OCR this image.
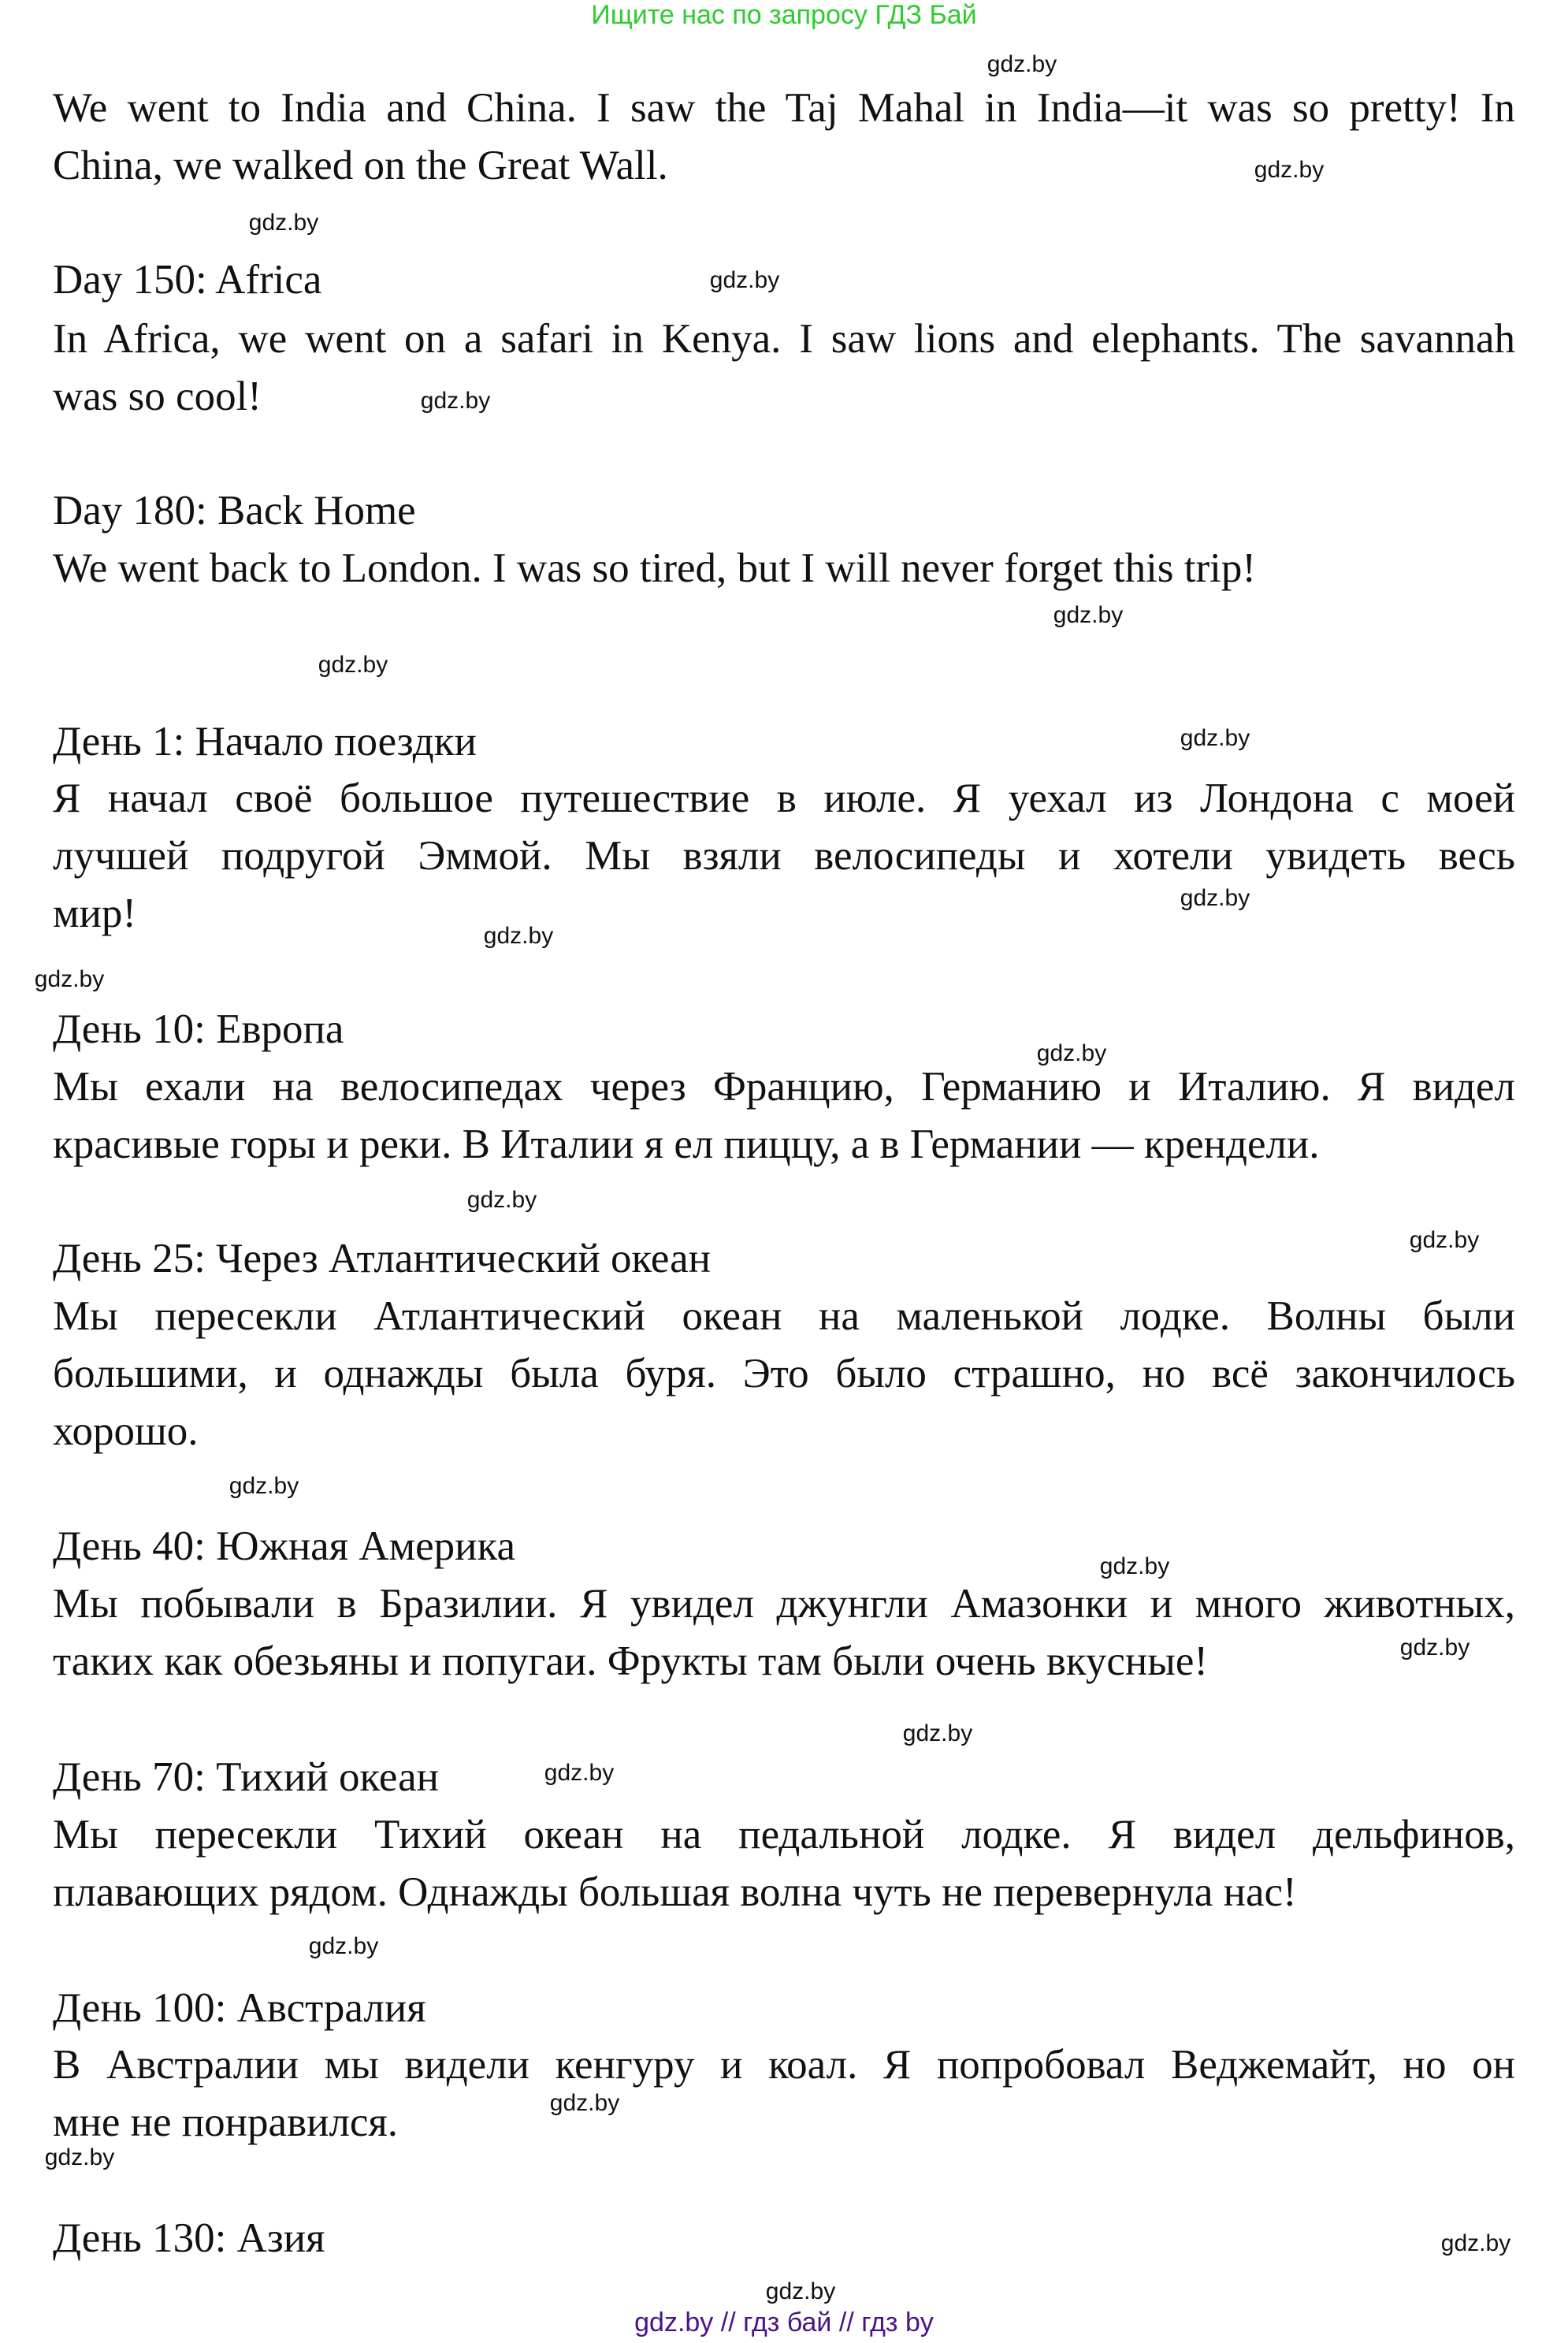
Ищите нас по запросу ГДЗ Бай
We went to India and China. I saw the Taj Mahal in India—it was so pretty! In
China, we walked on the Great Wall.
Day 150: Africa
In Africa, we went on a safari in Kenya. I saw lions and elephants. The savannah
was so cool!
Day 180: Back Home
We went back to London. I was so tired, but I will never forget this trip!
День 1: Начало поездки
Я начал своё большое путешествие в июле. Я уехал из Лондона с моей
лучшей подругой Эммой. Мы взяли велосипеды и хотели увидеть весь
мир!
День 10: Европа
Мы ехали на велосипедах через Францию, Германию и Италию. Я видел
красивые горы и реки. В Италии я ел пиццу, а в Германии — крендели.
День 25: Через Атлантический океан
Мы пересекли Атлантический океан на маленькой лодке. Волны были
большими, и однажды была буря. Это было страшно, но всё закончилось
хорошо.
День 40: Южная Америка
Мы побывали в Бразилии. Я увидел джунгли Амазонки и много животных,
таких как обезьяны и попугаи. Фрукты там были очень вкусные!
День 70: Тихий океан
Мы пересекли Тихий океан на педальной лодке. Я видел дельфинов,
плавающих рядом. Однажды большая волна чуть не перевернула нас!
День 100: Австралия
В Австралии мы видели кенгуру и коал. Я попробовал Веджемайт, но он
мне не понравился.
День 130: Азия
gdz.by
gdz.by
gdz.by
gdz.by
gdz.by
gdz.by
gdz.by
gdz.by
gdz.by
gdz.by
gdz.by
gdz.by
gdz.by
gdz.by
gdz.by
gdz.by
gdz.by
gdz.by
gdz.by
gdz.by
gdz.by
gdz.by
gdz.by
gdz.by
gdz.by // гдз бай // гдз by
